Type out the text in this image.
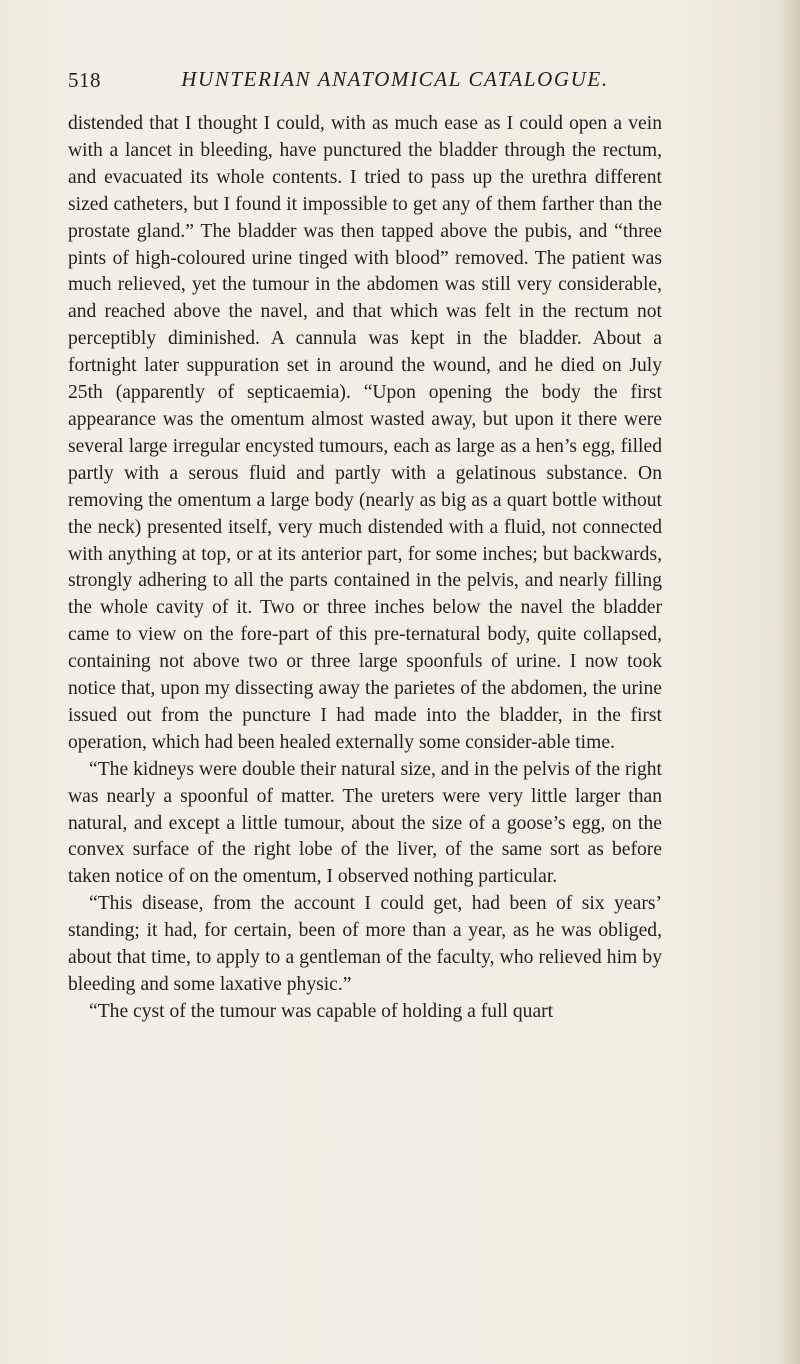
518	HUNTERIAN ANATOMICAL CATALOGUE.

distended that I thought I could, with as much ease as I could open a vein with a lancet in bleeding, have punctured the bladder through the rectum, and evacuated its whole contents. I tried to pass up the urethra different sized catheters, but I found it impossible to get any of them farther than the prostate gland.” The bladder was then tapped above the pubis, and “three pints of high-coloured urine tinged with blood” removed. The patient was much relieved, yet the tumour in the abdomen was still very considerable, and reached above the navel, and that which was felt in the rectum not perceptibly diminished. A cannula was kept in the bladder. About a fortnight later suppuration set in around the wound, and he died on July 25th (apparently of septicaemia). “Upon opening the body the first appearance was the omentum almost wasted away, but upon it there were several large irregular encysted tumours, each as large as a hen’s egg, filled partly with a serous fluid and partly with a gelatinous substance. On removing the omentum a large body (nearly as big as a quart bottle without the neck) presented itself, very much distended with a fluid, not connected with anything at top, or at its anterior part, for some inches; but backwards, strongly adhering to all the parts contained in the pelvis, and nearly filling the whole cavity of it. Two or three inches below the navel the bladder came to view on the fore-part of this pre-ternatural body, quite collapsed, containing not above two or three large spoonfuls of urine. I now took notice that, upon my dissecting away the parietes of the abdomen, the urine issued out from the puncture I had made into the bladder, in the first operation, which had been healed externally some consider-able time.

“The kidneys were double their natural size, and in the pelvis of the right was nearly a spoonful of matter. The ureters were very little larger than natural, and except a little tumour, about the size of a goose’s egg, on the convex surface of the right lobe of the liver, of the same sort as before taken notice of on the omentum, I observed nothing particular.

“This disease, from the account I could get, had been of six years’ standing; it had, for certain, been of more than a year, as he was obliged, about that time, to apply to a gentleman of the faculty, who relieved him by bleeding and some laxative physic.”

“The cyst of the tumour was capable of holding a full quart
